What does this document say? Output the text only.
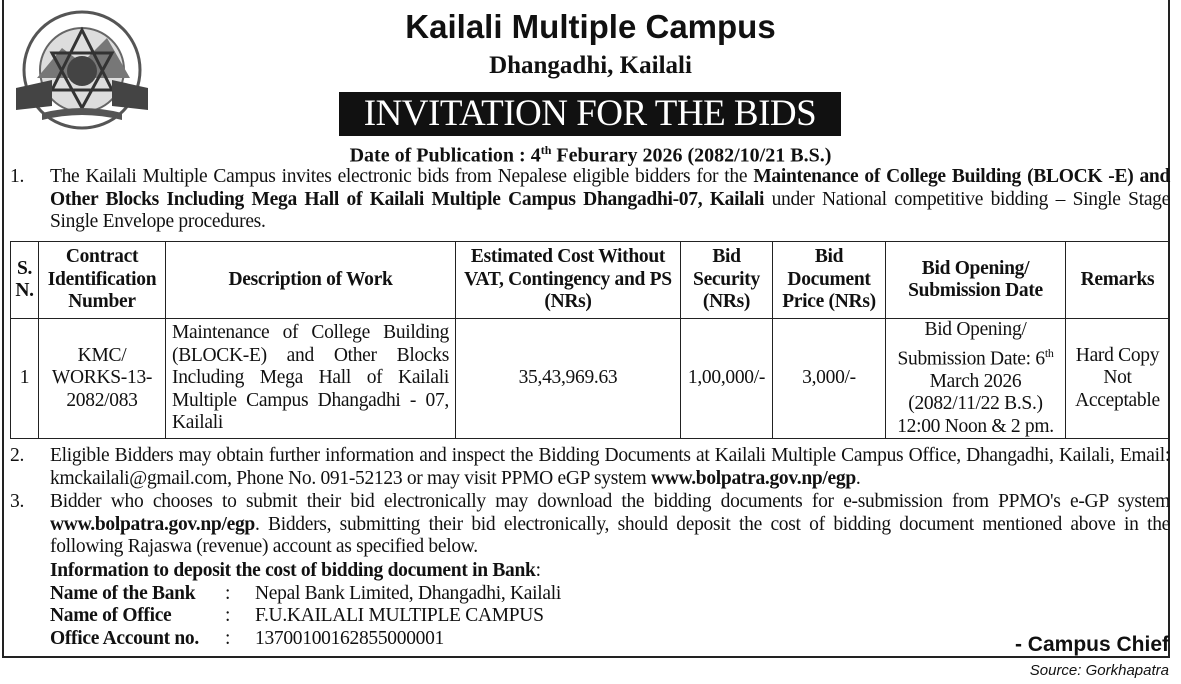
Kailali Multiple Campus
Dhangadhi, Kailali
INVITATION FOR THE BIDS
Date of Publication : 4th Feburary 2026 (2082/10/21 B.S.)
1. The Kailali Multiple Campus invites electronic bids from Nepalese eligible bidders for the Maintenance of College Building (BLOCK -E) and Other Blocks Including Mega Hall of Kailali Multiple Campus Dhangadhi-07, Kailali under National competitive bidding – Single Stage Single Envelope procedures.
S. N.	Contract Identification Number	Description of Work	Estimated Cost Without VAT, Contingency and PS (NRs)	Bid Security (NRs)	Bid Document Price (NRs)	Bid Opening/ Submission Date	Remarks
1	KMC/ WORKS-13-2082/083	Maintenance of College Building (BLOCK-E) and Other Blocks Including Mega Hall of Kailali Multiple Campus Dhangadhi - 07, Kailali	35,43,969.63	1,00,000/-	3,000/-	Bid Opening/ Submission Date: 6th March 2026 (2082/11/22 B.S.) 12:00 Noon & 2 pm.	Hard Copy Not Acceptable
2. Eligible Bidders may obtain further information and inspect the Bidding Documents at Kailali Multiple Campus Office, Dhangadhi, Kailali, Email: kmckailali@gmail.com, Phone No. 091-52123 or may visit PPMO eGP system www.bolpatra.gov.np/egp.
3. Bidder who chooses to submit their bid electronically may download the bidding documents for e-submission from PPMO's e-GP system www.bolpatra.gov.np/egp. Bidders, submitting their bid electronically, should deposit the cost of bidding document mentioned above in the following Rajaswa (revenue) account as specified below.
Information to deposit the cost of bidding document in Bank:
Name of the Bank	:	Nepal Bank Limited, Dhangadhi, Kailali
Name of Office	:	F.U.KAILALI MULTIPLE CAMPUS
Office Account no.	:	13700100162855000001	- Campus Chief
Source: Gorkhapatra
